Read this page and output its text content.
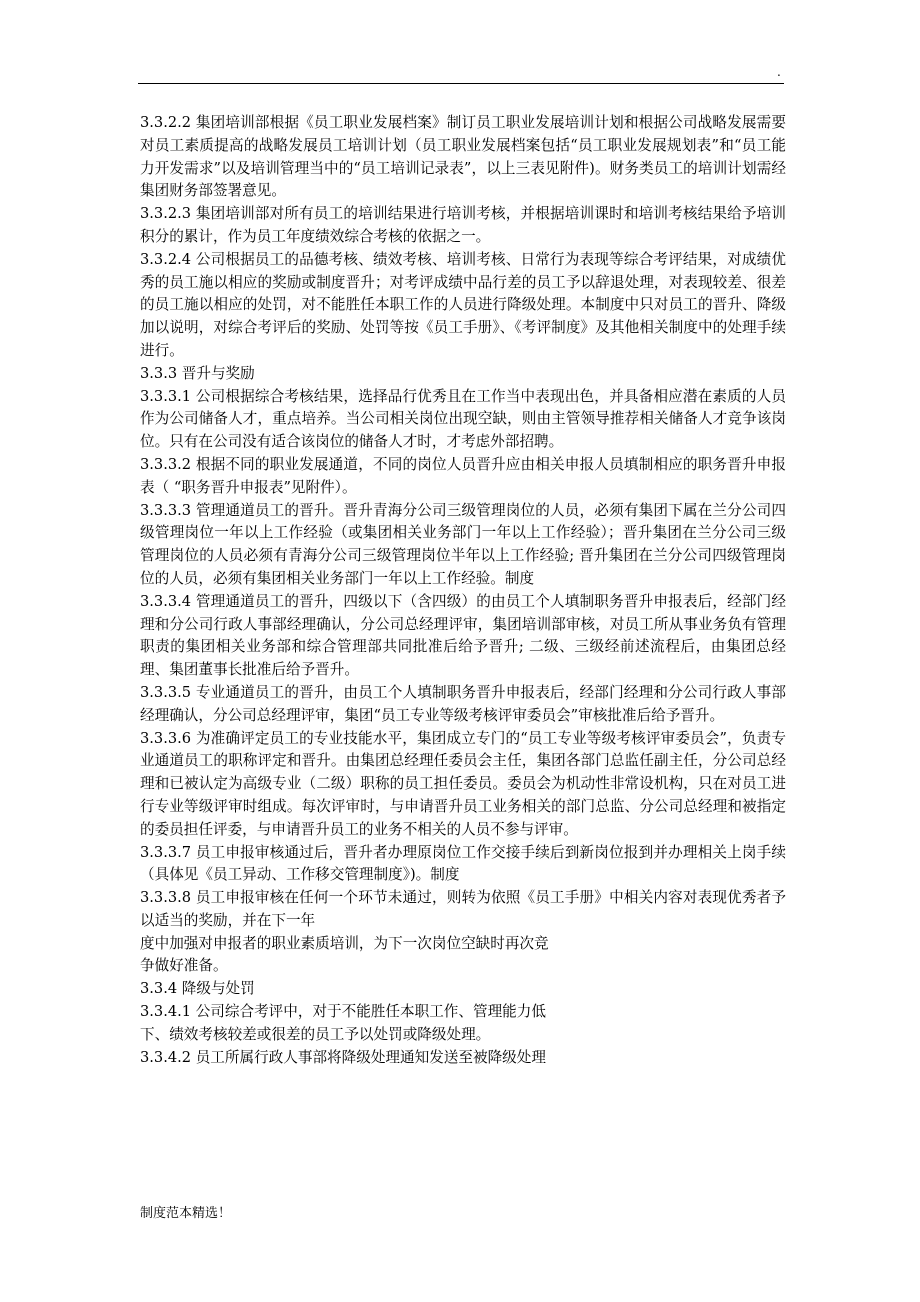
.

3.3.2.2 集团培训部根据《员工职业发展档案》制订员工职业发展培训计划和根据公司战略发展需要对员工素质提高的战略发展员工培训计划（员工职业发展档案包括“员工职业发展规划表”和“员工能力开发需求”以及培训管理当中的“员工培训记录表”，以上三表见附件)。财务类员工的培训计划需经集团财务部签署意见。

3.3.2.3 集团培训部对所有员工的培训结果进行培训考核，并根据培训课时和培训考核结果给予培训积分的累计，作为员工年度绩效综合考核的依据之一。

3.3.2.4 公司根据员工的品德考核、绩效考核、培训考核、日常行为表现等综合考评结果，对成绩优秀的员工施以相应的奖励或制度晋升；对考评成绩中品行差的员工予以辞退处理，对表现较差、很差的员工施以相应的处罚，对不能胜任本职工作的人员进行降级处理。本制度中只对员工的晋升、降级加以说明，对综合考评后的奖励、处罚等按《员工手册》、《考评制度》及其他相关制度中的处理手续进行。

3.3.3 晋升与奖励

3.3.3.1 公司根据综合考核结果，选择品行优秀且在工作当中表现出色，并具备相应潜在素质的人员作为公司储备人才，重点培养。当公司相关岗位出现空缺，则由主管领导推荐相关储备人才竞争该岗位。只有在公司没有适合该岗位的储备人才时，才考虑外部招聘。

3.3.3.2 根据不同的职业发展通道，不同的岗位人员晋升应由相关申报人员填制相应的职务晋升申报表（ “职务晋升申报表”见附件）。

3.3.3.3 管理通道员工的晋升。晋升青海分公司三级管理岗位的人员，必须有集团下属在兰分公司四级管理岗位一年以上工作经验（或集团相关业务部门一年以上工作经验）；晋升集团在兰分公司三级管理岗位的人员必须有青海分公司三级管理岗位半年以上工作经验; 晋升集团在兰分公司四级管理岗位的人员，必须有集团相关业务部门一年以上工作经验。制度

3.3.3.4 管理通道员工的晋升，四级以下（含四级）的由员工个人填制职务晋升申报表后，经部门经理和分公司行政人事部经理确认，分公司总经理评审，集团培训部审核，对员工所从事业务负有管理职责的集团相关业务部和综合管理部共同批准后给予晋升; 二级、三级经前述流程后，由集团总经理、集团董事长批准后给予晋升。

3.3.3.5 专业通道员工的晋升，由员工个人填制职务晋升申报表后，经部门经理和分公司行政人事部经理确认，分公司总经理评审，集团“员工专业等级考核评审委员会”审核批准后给予晋升。

3.3.3.6 为准确评定员工的专业技能水平，集团成立专门的“员工专业等级考核评审委员会”，负责专业通道员工的职称评定和晋升。由集团总经理任委员会主任，集团各部门总监任副主任，分公司总经理和已被认定为高级专业（二级）职称的员工担任委员。委员会为机动性非常设机构，只在对员工进行专业等级评审时组成。每次评审时，与申请晋升员工业务相关的部门总监、分公司总经理和被指定的委员担任评委，与申请晋升员工的业务不相关的人员不参与评审。

3.3.3.7 员工申报审核通过后，晋升者办理原岗位工作交接手续后到新岗位报到并办理相关上岗手续（具体见《员工异动、工作移交管理制度》)。制度

3.3.3.8 员工申报审核在任何一个环节未通过，则转为依照《员工手册》中相关内容对表现优秀者予以适当的奖励，并在下一年

度中加强对申报者的职业素质培训，为下一次岗位空缺时再次竞

争做好准备。

3.3.4 降级与处罚

3.3.4.1 公司综合考评中，对于不能胜任本职工作、管理能力低

下、绩效考核较差或很差的员工予以处罚或降级处理。

3.3.4.2 员工所属行政人事部将降级处理通知发送至被降级处理

制度范本精选！
